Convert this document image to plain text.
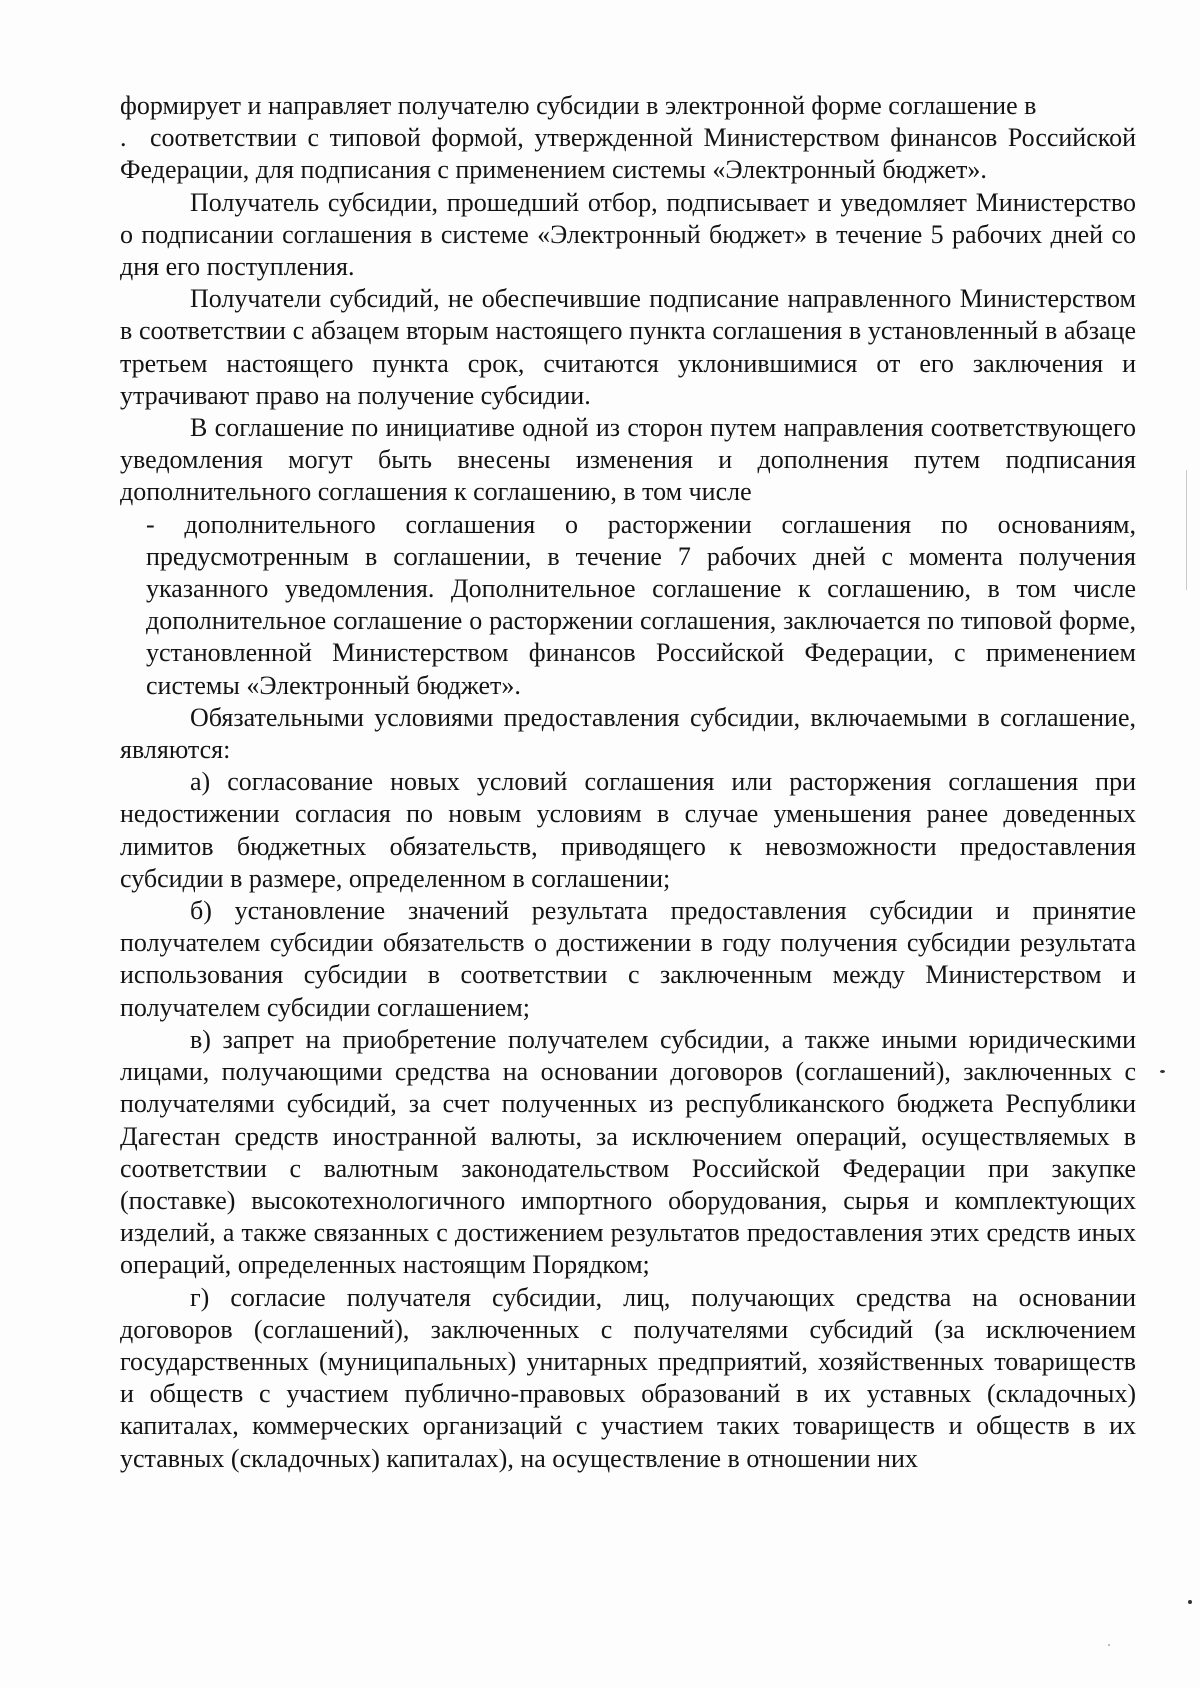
формирует и направляет получателю субсидии в электронной форме соглашение в

. соответствии с типовой формой, утвержденной Министерством финансов Российской Федерации, для подписания с применением системы «Электронный бюджет».

Получатель субсидии, прошедший отбор, подписывает и уведомляет Министерство о подписании соглашения в системе «Электронный бюджет» в течение 5 рабочих дней со дня его поступления.

Получатели субсидий, не обеспечившие подписание направленного Министерством в соответствии с абзацем вторым настоящего пункта соглашения в установленный в абзаце третьем настоящего пункта срок, считаются уклонившимися от его заключения и утрачивают право на получение субсидии.

В соглашение по инициативе одной из сторон путем направления соответствующего уведомления могут быть внесены изменения и дополнения путем подписания дополнительного соглашения к соглашению, в том числе

- дополнительного соглашения о расторжении соглашения по основаниям, предусмотренным в соглашении, в течение 7 рабочих дней с момента получения указанного уведомления. Дополнительное соглашение к соглашению, в том числе дополнительное соглашение о расторжении соглашения, заключается по типовой форме, установленной Министерством финансов Российской Федерации, с применением системы «Электронный бюджет».

Обязательными условиями предоставления субсидии, включаемыми в соглашение, являются:

а) согласование новых условий соглашения или расторжения соглашения при недостижении согласия по новым условиям в случае уменьшения ранее доведенных лимитов бюджетных обязательств, приводящего к невозможности предоставления субсидии в размере, определенном в соглашении;

б) установление значений результата предоставления субсидии и принятие получателем субсидии обязательств о достижении в году получения субсидии результата использования субсидии в соответствии с заключенным между Министерством и получателем субсидии соглашением;

в) запрет на приобретение получателем субсидии, а также иными юридическими лицами, получающими средства на основании договоров (соглашений), заключенных с получателями субсидий, за счет полученных из республиканского бюджета Республики Дагестан средств иностранной валюты, за исключением операций, осуществляемых в соответствии с валютным законодательством Российской Федерации при закупке (поставке) высокотехнологичного импортного оборудования, сырья и комплектующих изделий, а также связанных с достижением результатов предоставления этих средств иных операций, определенных настоящим Порядком;

г) согласие получателя субсидии, лиц, получающих средства на основании договоров (соглашений), заключенных с получателями субсидий (за исключением государственных (муниципальных) унитарных предприятий, хозяйственных товариществ и обществ с участием публично-правовых образований в их уставных (складочных) капиталах, коммерческих организаций с участием таких товариществ и обществ в их уставных (складочных) капиталах), на осуществление в отношении них
